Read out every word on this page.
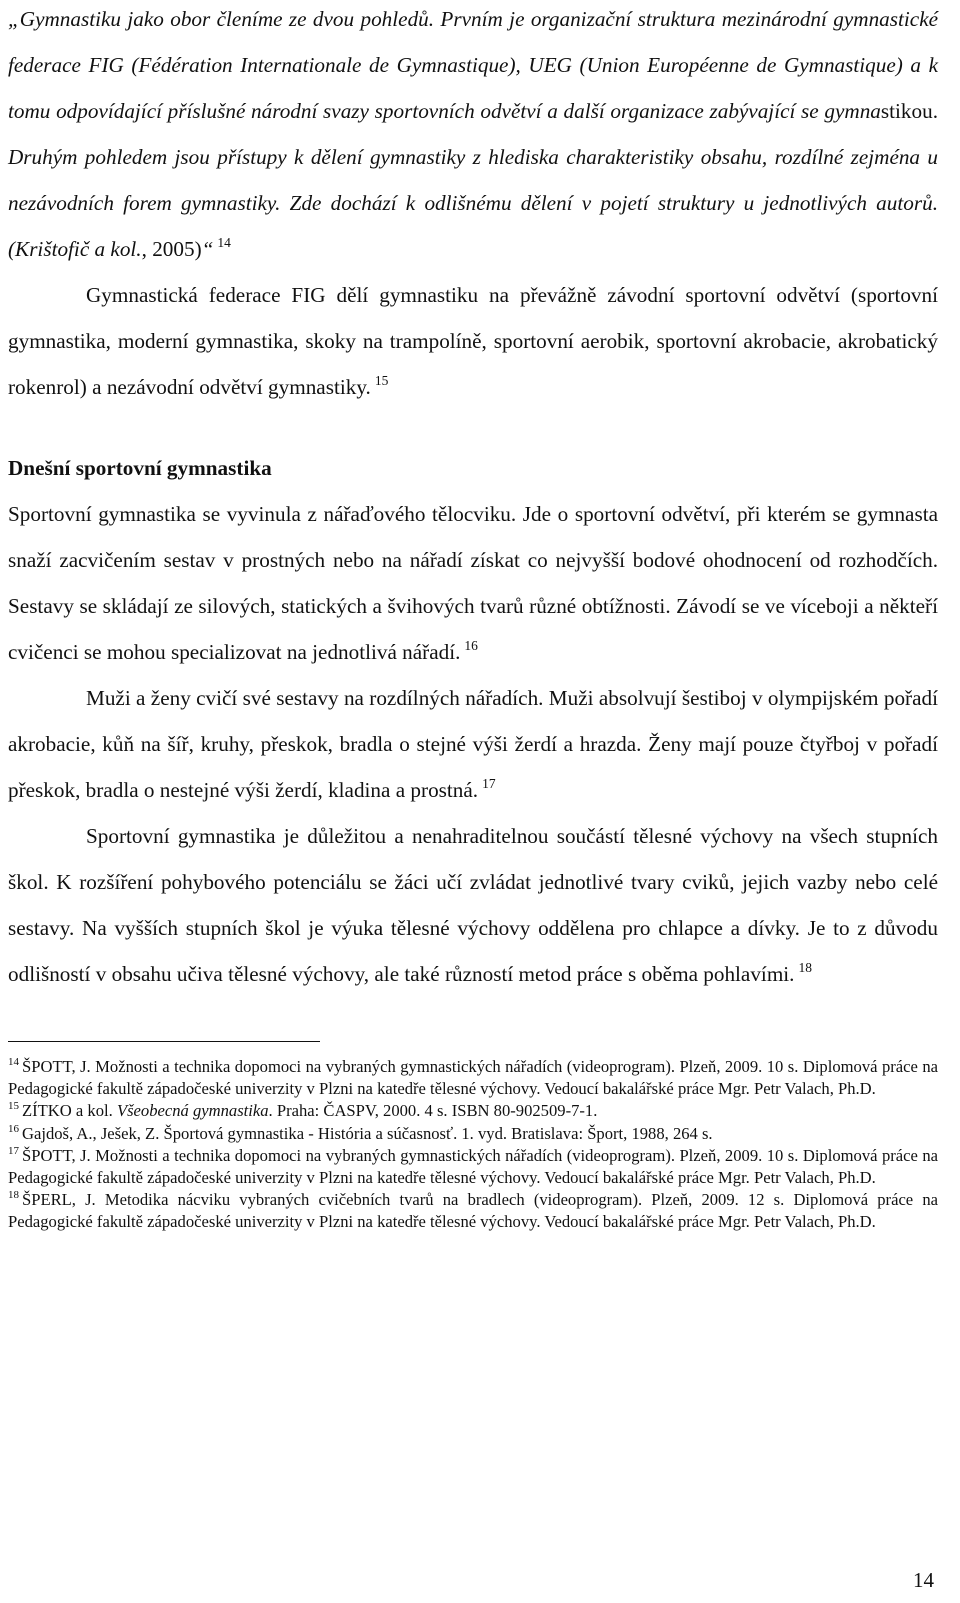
„Gymnastiku jako obor členíme ze dvou pohledů. Prvním je organizační struktura mezinárodní gymnastické federace FIG (Fédération Internationale de Gymnastique), UEG (Union Européenne de Gymnastique) a k tomu odpovídající příslušné národní svazy sportovních odvětví a další organizace zabývající se gymnastikou. Druhým pohledem jsou přístupy k dělení gymnastiky z hlediska charakteristiky obsahu, rozdílné zejména u nezávodních forem gymnastiky. Zde dochází k odlišnému dělení v pojetí struktury u jednotlivých autorů. (Krištofič a kol., 2005)“ $^{14}$

Gymnastická federace FIG dělí gymnastiku na převážně závodní sportovní odvětví (sportovní gymnastika, moderní gymnastika, skoky na trampolíně, sportovní aerobik, sportovní akrobacie, akrobatický rokenrol) a nezávodní odvětví gymnastiky. $^{15}$

Dnešní sportovní gymnastika

Sportovní gymnastika se vyvinula z nářaďového tělocviku. Jde o sportovní odvětví, při kterém se gymnasta snaží zacvičením sestav v prostných nebo na nářadí získat co nejvyšší bodové ohodnocení od rozhodčích. Sestavy se skládají ze silových, statických a švihových tvarů různé obtížnosti. Závodí se ve víceboji a někteří cvičenci se mohou specializovat na jednotlivá nářadí. $^{16}$

Muži a ženy cvičí své sestavy na rozdílných nářadích. Muži absolvují šestiboj v olympijském pořadí akrobacie, kůň na šíř, kruhy, přeskok, bradla o stejné výši žerdí a hrazda. Ženy mají pouze čtyřboj v pořadí přeskok, bradla o nestejné výši žerdí, kladina a prostná. $^{17}$

Sportovní gymnastika je důležitou a nenahraditelnou součástí tělesné výchovy na všech stupních škol. K rozšíření pohybového potenciálu se žáci učí zvládat jednotlivé tvary cviků, jejich vazby nebo celé sestavy. Na vyšších stupních škol je výuka tělesné výchovy oddělena pro chlapce a dívky. Je to z důvodu odlišností v obsahu učiva tělesné výchovy, ale také růzností metod práce s oběma pohlavími. $^{18}$

$^{14}$ ŠPOTT, J. Možnosti a technika dopomoci na vybraných gymnastických nářadích (videoprogram). Plzeň, 2009. 10 s. Diplomová práce na Pedagogické fakultě západočeské univerzity v Plzni na katedře tělesné výchovy. Vedoucí bakalářské práce Mgr. Petr Valach, Ph.D.

$^{15}$ ZÍTKO a kol. Všeobecná gymnastika. Praha: ČASPV, 2000. 4 s. ISBN 80-902509-7-1.

$^{16}$ Gajdoš, A., Ješek, Z. Športová gymnastika - História a súčasnosť. 1. vyd. Bratislava: Šport, 1988, 264 s.

$^{17}$ ŠPOTT, J. Možnosti a technika dopomoci na vybraných gymnastických nářadích (videoprogram). Plzeň, 2009. 10 s. Diplomová práce na Pedagogické fakultě západočeské univerzity v Plzni na katedře tělesné výchovy. Vedoucí bakalářské práce Mgr. Petr Valach, Ph.D.

$^{18}$ ŠPERL, J. Metodika nácviku vybraných cvičebních tvarů na bradlech (videoprogram). Plzeň, 2009. 12 s. Diplomová práce na Pedagogické fakultě západočeské univerzity v Plzni na katedře tělesné výchovy. Vedoucí bakalářské práce Mgr. Petr Valach, Ph.D.

14
